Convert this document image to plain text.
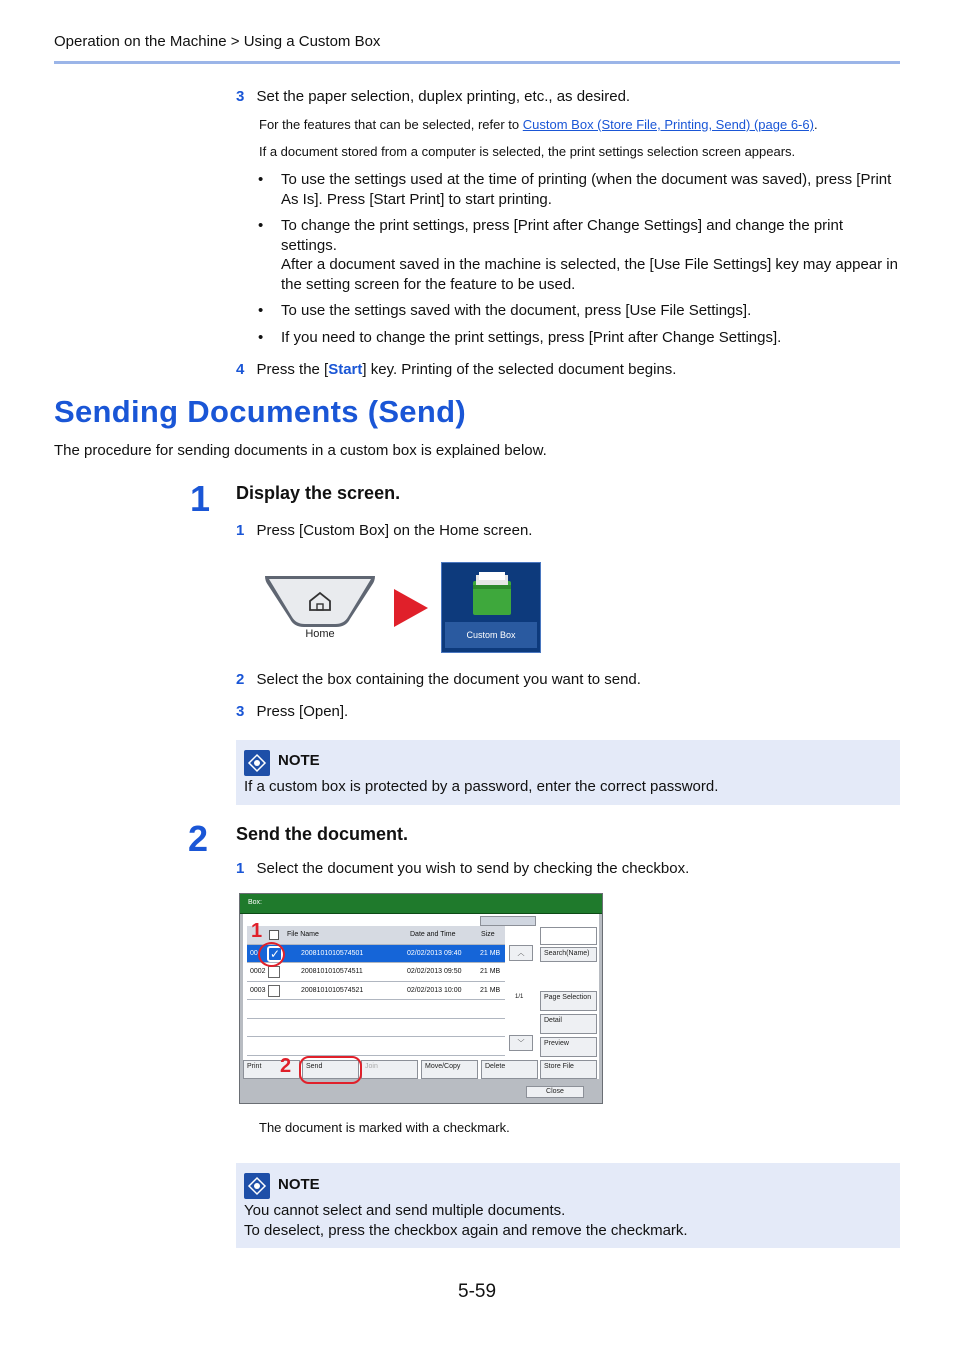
Operation on the Machine > Using a Custom Box
3 Set the paper selection, duplex printing, etc., as desired.
For the features that can be selected, refer to Custom Box (Store File, Printing, Send) (page 6-6).
If a document stored from a computer is selected, the print settings selection screen appears.
• To use the settings used at the time of printing (when the document was saved), press [Print As Is]. Press [Start Print] to start printing.
• To change the print settings, press [Print after Change Settings] and change the print settings.
After a document saved in the machine is selected, the [Use File Settings] key may appear in the setting screen for the feature to be used.
• To use the settings saved with the document, press [Use File Settings].
• If you need to change the print settings, press [Print after Change Settings].
4 Press the [Start] key. Printing of the selected document begins.
Sending Documents (Send)
The procedure for sending documents in a custom box is explained below.
1 Display the screen.
1 Press [Custom Box] on the Home screen.
Home	Custom Box
2 Select the box containing the document you want to send.
3 Press [Open].
NOTE
If a custom box is protected by a password, enter the correct password.
2 Send the document.
1 Select the document you wish to send by checking the checkbox.
Box:
File Name	Date and Time	Size
00 ✓	2008101010574501	02/02/2013 09:40	21 MB
0002	2008101010574511	02/02/2013 09:50	21 MB
0003	2008101010574521	02/02/2013 10:00	21 MB
︿
1/1
﹀
Search(Name)
Page Selection
Detail
Preview
Print	Send	Join	Move/Copy	Delete	Store File
Close
1
2
The document is marked with a checkmark.
NOTE
You cannot select and send multiple documents.
To deselect, press the checkbox again and remove the checkmark.
5-59
